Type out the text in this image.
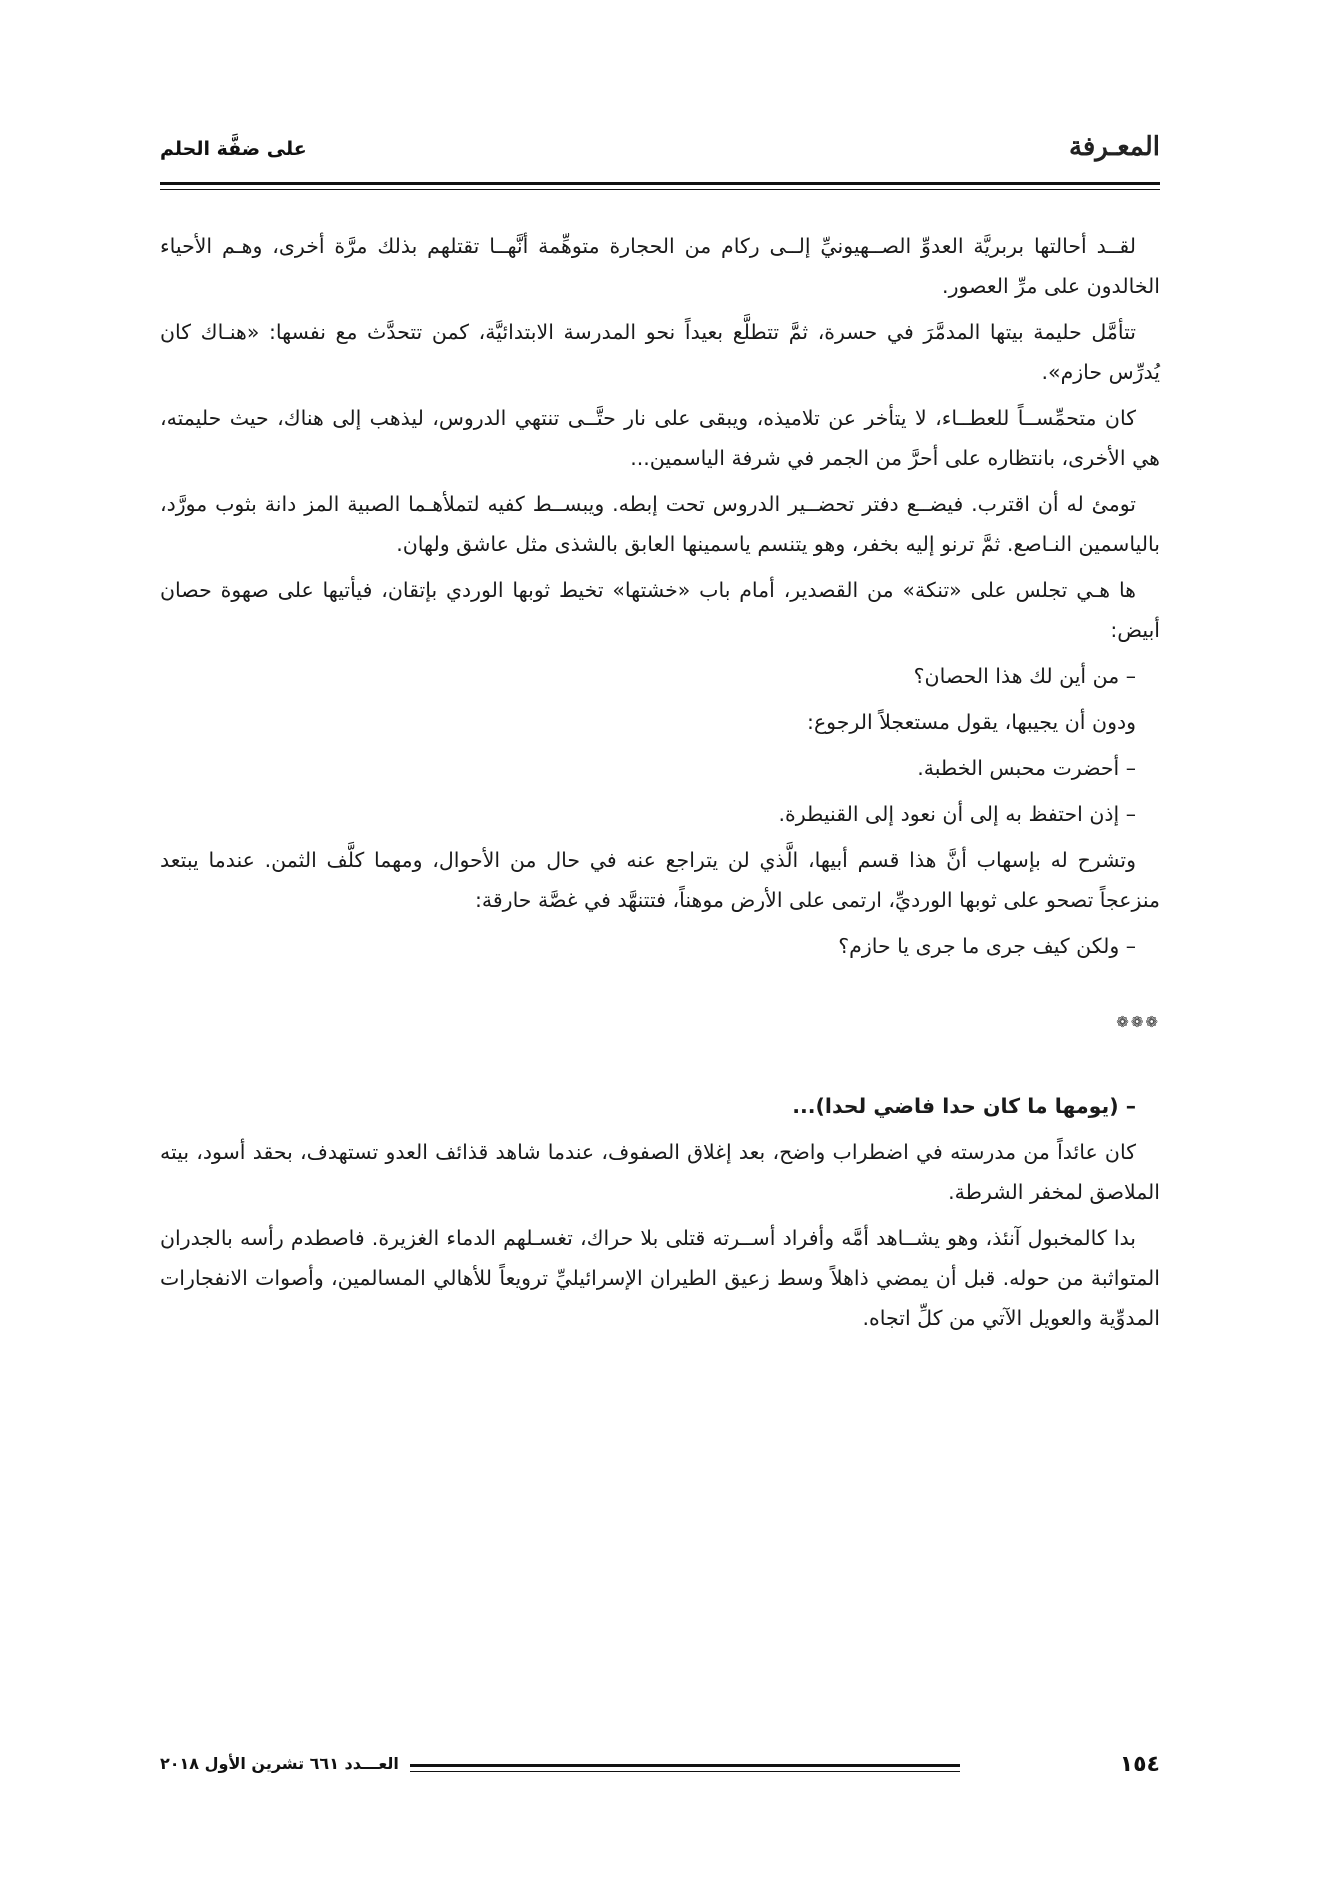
المعـرفة
على ضفَّة الحلم

لقــد أحالتها بربريَّة العدوِّ الصــهيونيِّ إلــى ركام من الحجارة متوهِّمة أنَّهــا تقتلهم بذلك مرَّة أخرى، وهـم الأحياء الخالدون على مرِّ العصور.

تتأمَّل حليمة بيتها المدمَّرَ في حسرة، ثمَّ تتطلَّع بعيداً نحو المدرسة الابتدائيَّة، كمن تتحدَّث مع نفسها: «هنـاك كان يُدرِّس حازم».

كان متحمِّســاً للعطــاء، لا يتأخر عن تلاميذه، ويبقى على نار حتَّــى تنتهي الدروس، ليذهب إلى هناك، حيث حليمته، هي الأخرى، بانتظاره على أحرَّ من الجمر في شرفة الياسمين...

تومئ له أن اقترب. فيضــع دفتر تحضــير الدروس تحت إبطه. ويبســط كفيه لتملأهـما الصبية المز دانة بثوب مورَّد، بالياسمين النـاصع. ثمَّ ترنو إليه بخفر، وهو يتنسم ياسمينها العابق بالشذى مثل عاشق ولهان.

ها هـي تجلس على «تنكة» من القصدير، أمام باب «خشتها» تخيط ثوبها الوردي بإتقان، فيأتيها على صهوة حصان أبيض:

– من أين لك هذا الحصان؟

ودون أن يجيبها، يقول مستعجلاً الرجوع:

– أحضرت محبس الخطبة.

– إذن احتفظ به إلى أن نعود إلى القنيطرة.

وتشرح له بإسهاب أنَّ هذا قسم أبيها، الَّذي لن يتراجع عنه في حال من الأحوال، ومهما كلَّف الثمن. عندما يبتعد منزعجاً تصحو على ثوبها الورديِّ، ارتمى على الأرض موهناً، فتتنهَّد في غصَّة حارقة:

– ولكن كيف جرى ما جرى يا حازم؟

❁❁❁

– (يومها ما كان حدا فاضي لحدا)...

كان عائداً من مدرسته في اضطراب واضح، بعد إغلاق الصفوف، عندما شاهد قذائف العدو تستهدف، بحقد أسود، بيته الملاصق لمخفر الشرطة.

بدا كالمخبول آنئذ، وهو يشــاهد أمَّه وأفراد أســرته قتلى بلا حراك، تغسـلهم الدماء الغزيرة. فاصطدم رأسه بالجدران المتواثبة من حوله. قبل أن يمضي ذاهلاً وسط زعيق الطيران الإسرائيليِّ ترويعاً للأهالي المسالمين، وأصوات الانفجارات المدوِّية والعويل الآتي من كلِّ اتجاه.

١٥٤
العـــدد ٦٦١ تشرين الأول ٢٠١٨
